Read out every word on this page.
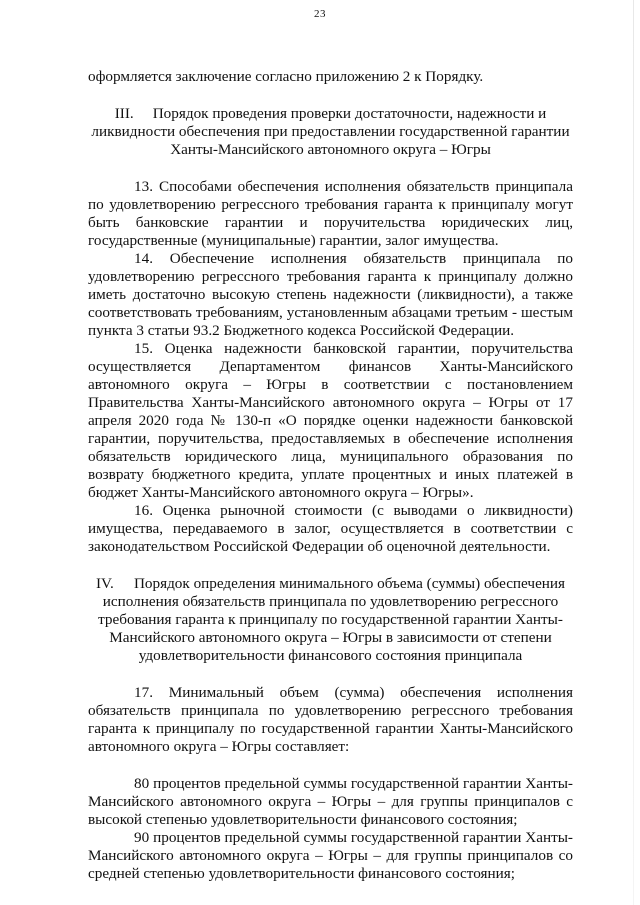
23

оформляется заключение согласно приложению 2 к Порядку.

III. Порядок проведения проверки достаточности, надежности и ликвидности обеспечения при предоставлении государственной гарантии Ханты-Мансийского автономного округа – Югры

13. Способами обеспечения исполнения обязательств принципала по удовлетворению регрессного требования гаранта к принципалу могут быть банковские гарантии и поручительства юридических лиц, государственные (муниципальные) гарантии, залог имущества.

14. Обеспечение исполнения обязательств принципала по удовлетворению регрессного требования гаранта к принципалу должно иметь достаточно высокую степень надежности (ликвидности), а также соответствовать требованиям, установленным абзацами третьим - шестым пункта 3 статьи 93.2 Бюджетного кодекса Российской Федерации.

15. Оценка надежности банковской гарантии, поручительства осуществляется Департаментом финансов Ханты-Мансийского автономного округа – Югры в соответствии с постановлением Правительства Ханты-Мансийского автономного округа – Югры от 17 апреля 2020 года № 130-п «О порядке оценки надежности банковской гарантии, поручительства, предоставляемых в обеспечение исполнения обязательств юридического лица, муниципального образования по возврату бюджетного кредита, уплате процентных и иных платежей в бюджет Ханты-Мансийского автономного округа – Югры».

16. Оценка рыночной стоимости (с выводами о ликвидности) имущества, передаваемого в залог, осуществляется в соответствии с законодательством Российской Федерации об оценочной деятельности.

IV. Порядок определения минимального объема (суммы) обеспечения исполнения обязательств принципала по удовлетворению регрессного требования гаранта к принципалу по государственной гарантии Ханты-Мансийского автономного округа – Югры в зависимости от степени удовлетворительности финансового состояния принципала

17. Минимальный объем (сумма) обеспечения исполнения обязательств принципала по удовлетворению регрессного требования гаранта к принципалу по государственной гарантии Ханты-Мансийского автономного округа – Югры составляет:

80 процентов предельной суммы государственной гарантии Ханты-Мансийского автономного округа – Югры – для группы принципалов с высокой степенью удовлетворительности финансового состояния;

90 процентов предельной суммы государственной гарантии Ханты-Мансийского автономного округа – Югры – для группы принципалов со средней степенью удовлетворительности финансового состояния;
